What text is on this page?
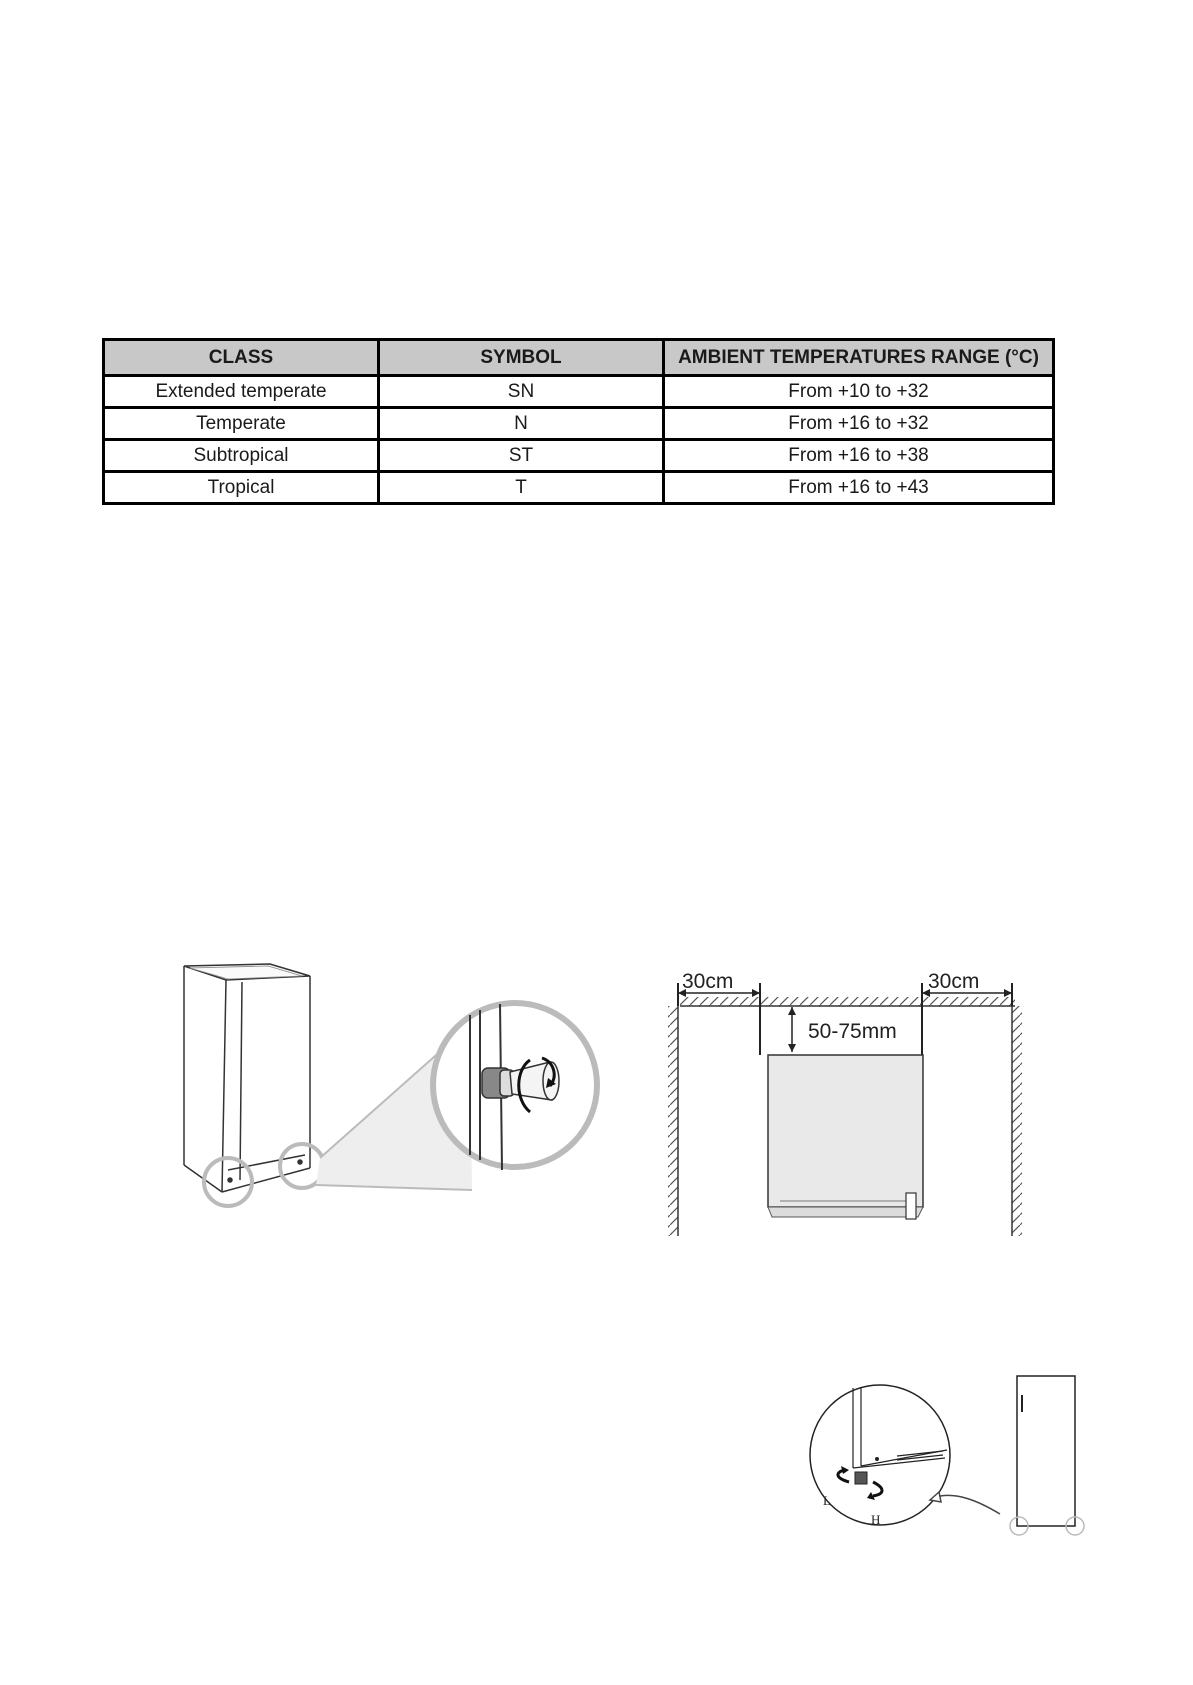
CLASS	SYMBOL	AMBIENT TEMPERATURES RANGE (°C)
Extended temperate	SN	From +10 to +32
Temperate	N	From +16 to +32
Subtropical	ST	From +16 to +38
Tropical	T	From +16 to +43
30cm	30cm
50-75mm
L
H
